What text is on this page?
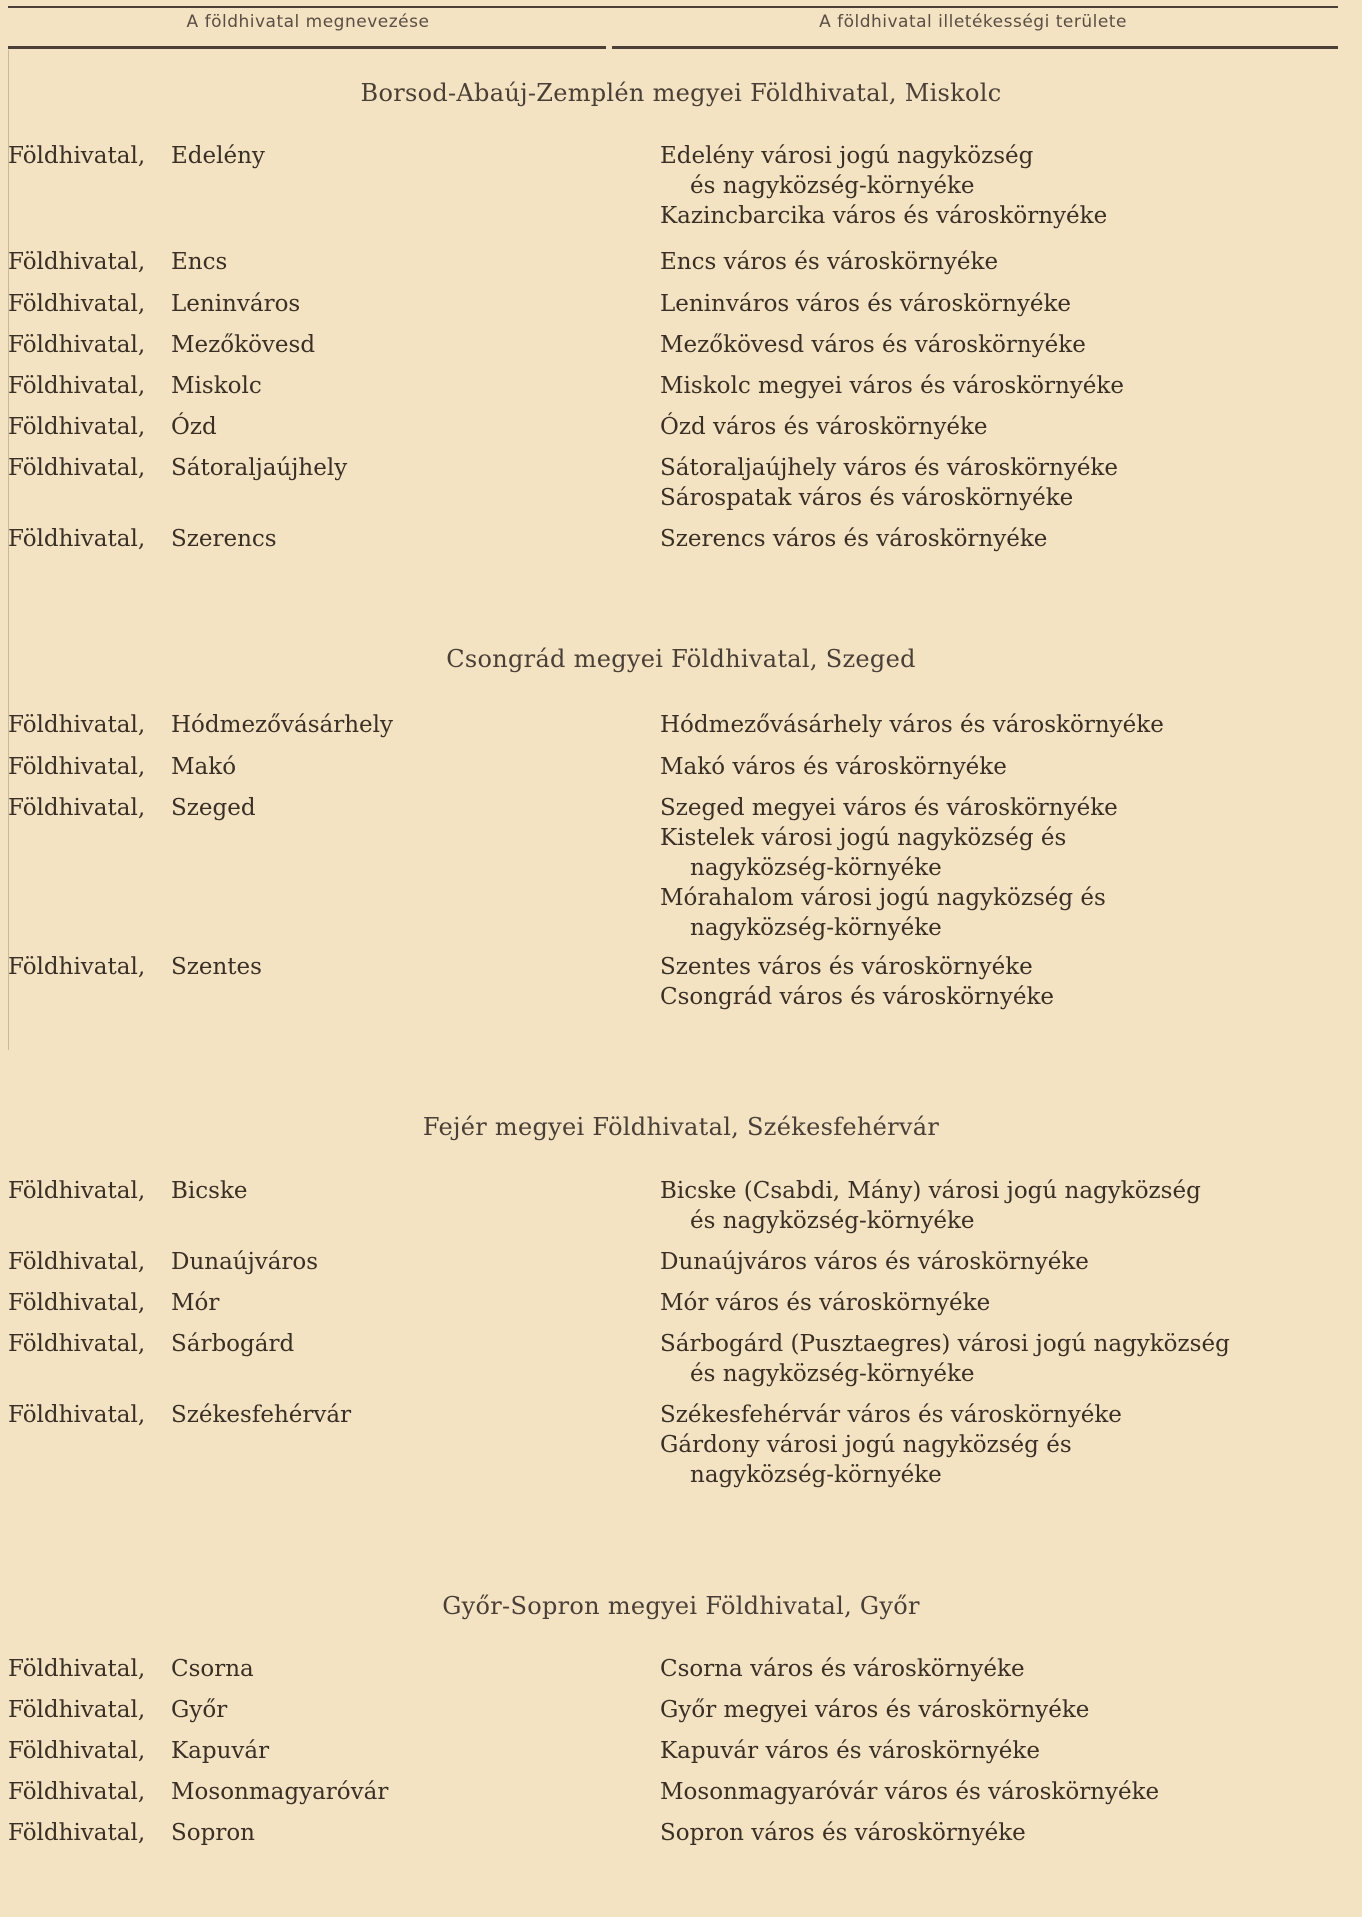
A földhivatal megnevezése	A földhivatal illetékességi területe
Borsod-Abaúj-Zemplén megyei Földhivatal, Miskolc
Földhivatal, Edelény	Edelény városi jogú nagyközség
és nagyközség-környéke
Kazincbarcika város és városkörnyéke
Földhivatal, Encs	Encs város és városkörnyéke
Földhivatal, Leninváros	Leninváros város és városkörnyéke
Földhivatal, Mezőkövesd	Mezőkövesd város és városkörnyéke
Földhivatal, Miskolc	Miskolc megyei város és városkörnyéke
Földhivatal, Ózd	Ózd város és városkörnyéke
Földhivatal, Sátoraljaújhely	Sátoraljaújhely város és városkörnyéke
Sárospatak város és városkörnyéke
Földhivatal, Szerencs	Szerencs város és városkörnyéke
Csongrád megyei Földhivatal, Szeged
Földhivatal, Hódmezővásárhely	Hódmezővásárhely város és városkörnyéke
Földhivatal, Makó	Makó város és városkörnyéke
Földhivatal, Szeged	Szeged megyei város és városkörnyéke
Kistelek városi jogú nagyközség és
nagyközség-környéke
Mórahalom városi jogú nagyközség és
nagyközség-környéke
Földhivatal, Szentes	Szentes város és városkörnyéke
Csongrád város és városkörnyéke
Fejér megyei Földhivatal, Székesfehérvár
Földhivatal, Bicske	Bicske (Csabdi, Mány) városi jogú nagyközség
és nagyközség-környéke
Földhivatal, Dunaújváros	Dunaújváros város és városkörnyéke
Földhivatal, Mór	Mór város és városkörnyéke
Földhivatal, Sárbogárd	Sárbogárd (Pusztaegres) városi jogú nagyközség
és nagyközség-környéke
Földhivatal, Székesfehérvár	Székesfehérvár város és városkörnyéke
Gárdony városi jogú nagyközség és
nagyközség-környéke
Győr-Sopron megyei Földhivatal, Győr
Földhivatal, Csorna	Csorna város és városkörnyéke
Földhivatal, Győr	Győr megyei város és városkörnyéke
Földhivatal, Kapuvár	Kapuvár város és városkörnyéke
Földhivatal, Mosonmagyaróvár	Mosonmagyaróvár város és városkörnyéke
Földhivatal, Sopron	Sopron város és városkörnyéke
